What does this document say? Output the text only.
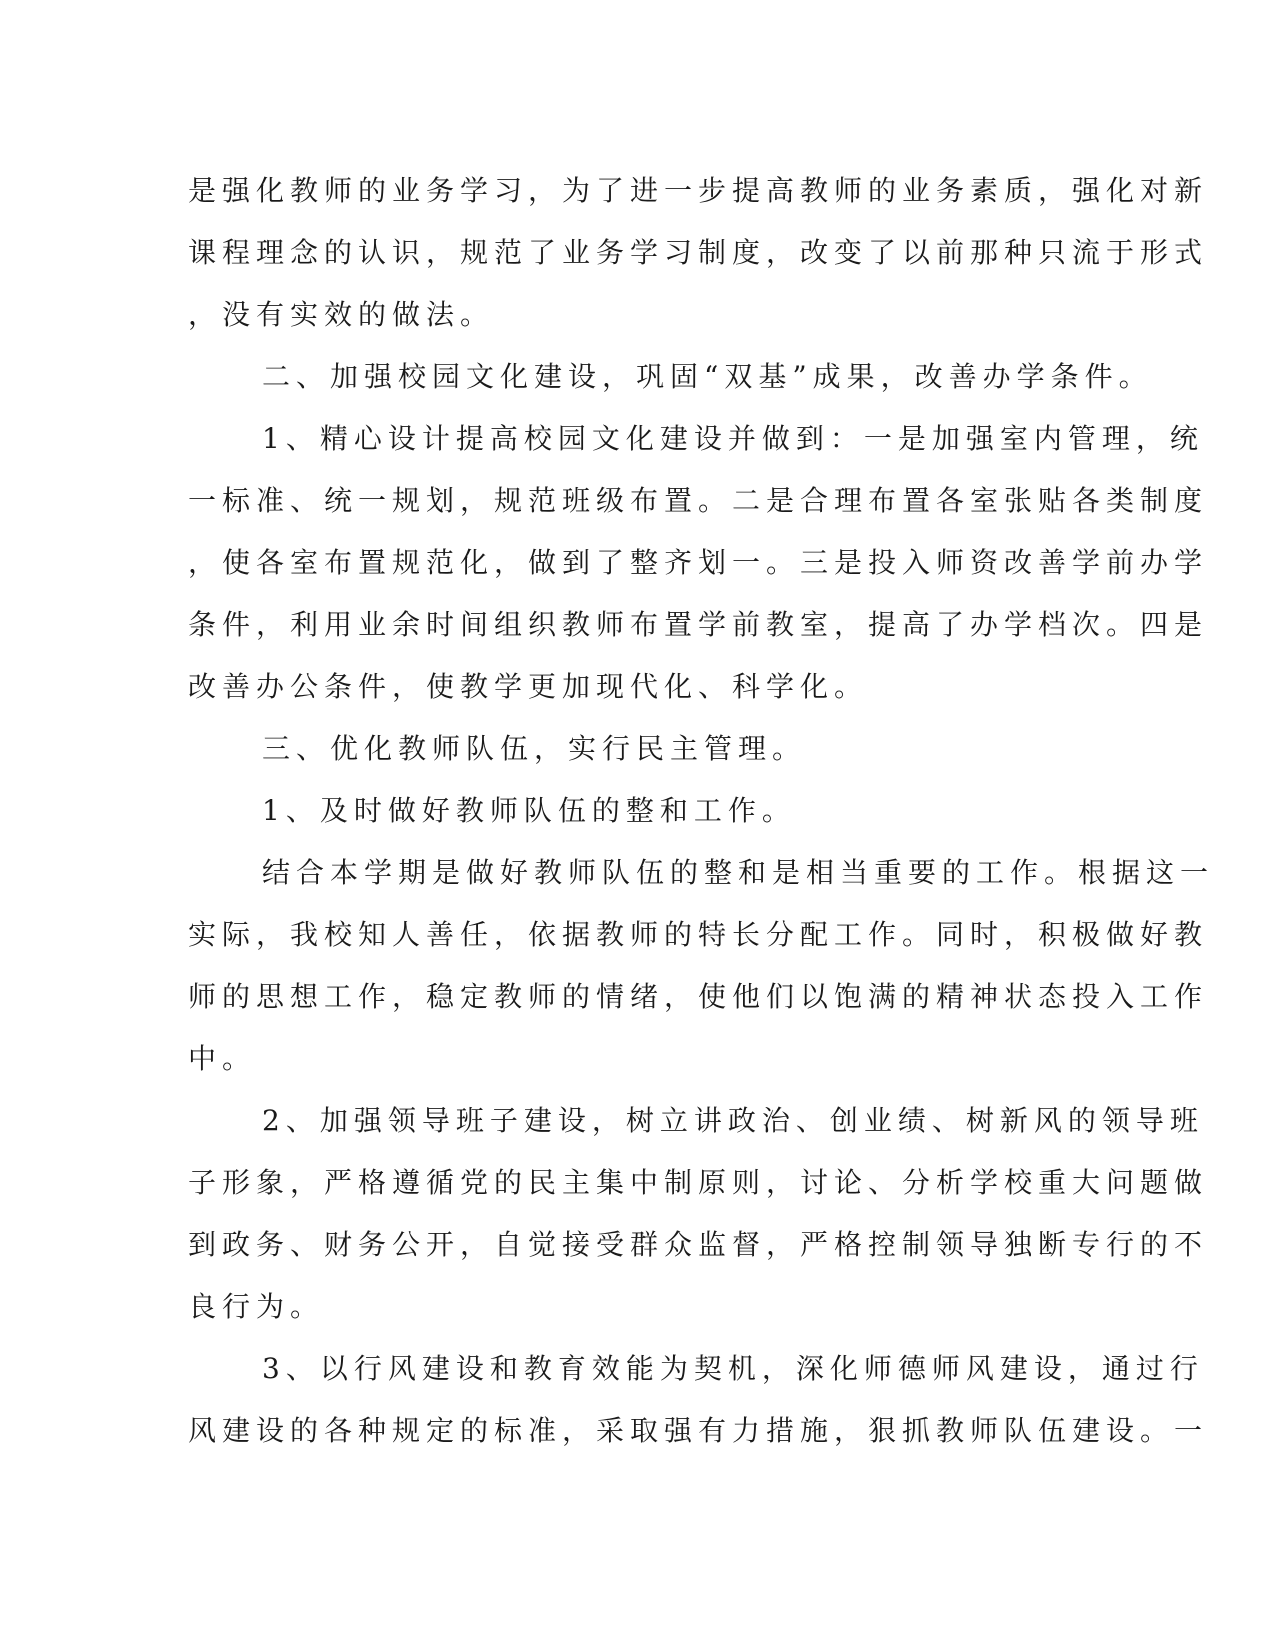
是强化教师的业务学习，为了进一步提高教师的业务素质，强化对新
课程理念的认识，规范了业务学习制度，改变了以前那种只流于形式
，没有实效的做法。
二、加强校园文化建设，巩固“双基”成果，改善办学条件。
1、精心设计提高校园文化建设并做到：一是加强室内管理，统
一标准、统一规划，规范班级布置。二是合理布置各室张贴各类制度
，使各室布置规范化，做到了整齐划一。三是投入师资改善学前办学
条件，利用业余时间组织教师布置学前教室，提高了办学档次。四是
改善办公条件，使教学更加现代化、科学化。
三、优化教师队伍，实行民主管理。
1、及时做好教师队伍的整和工作。
结合本学期是做好教师队伍的整和是相当重要的工作。根据这一
实际，我校知人善任，依据教师的特长分配工作。同时，积极做好教
师的思想工作，稳定教师的情绪，使他们以饱满的精神状态投入工作
中。
2、加强领导班子建设，树立讲政治、创业绩、树新风的领导班
子形象，严格遵循党的民主集中制原则，讨论、分析学校重大问题做
到政务、财务公开，自觉接受群众监督，严格控制领导独断专行的不
良行为。
3、以行风建设和教育效能为契机，深化师德师风建设，通过行
风建设的各种规定的标准，采取强有力措施，狠抓教师队伍建设。一
